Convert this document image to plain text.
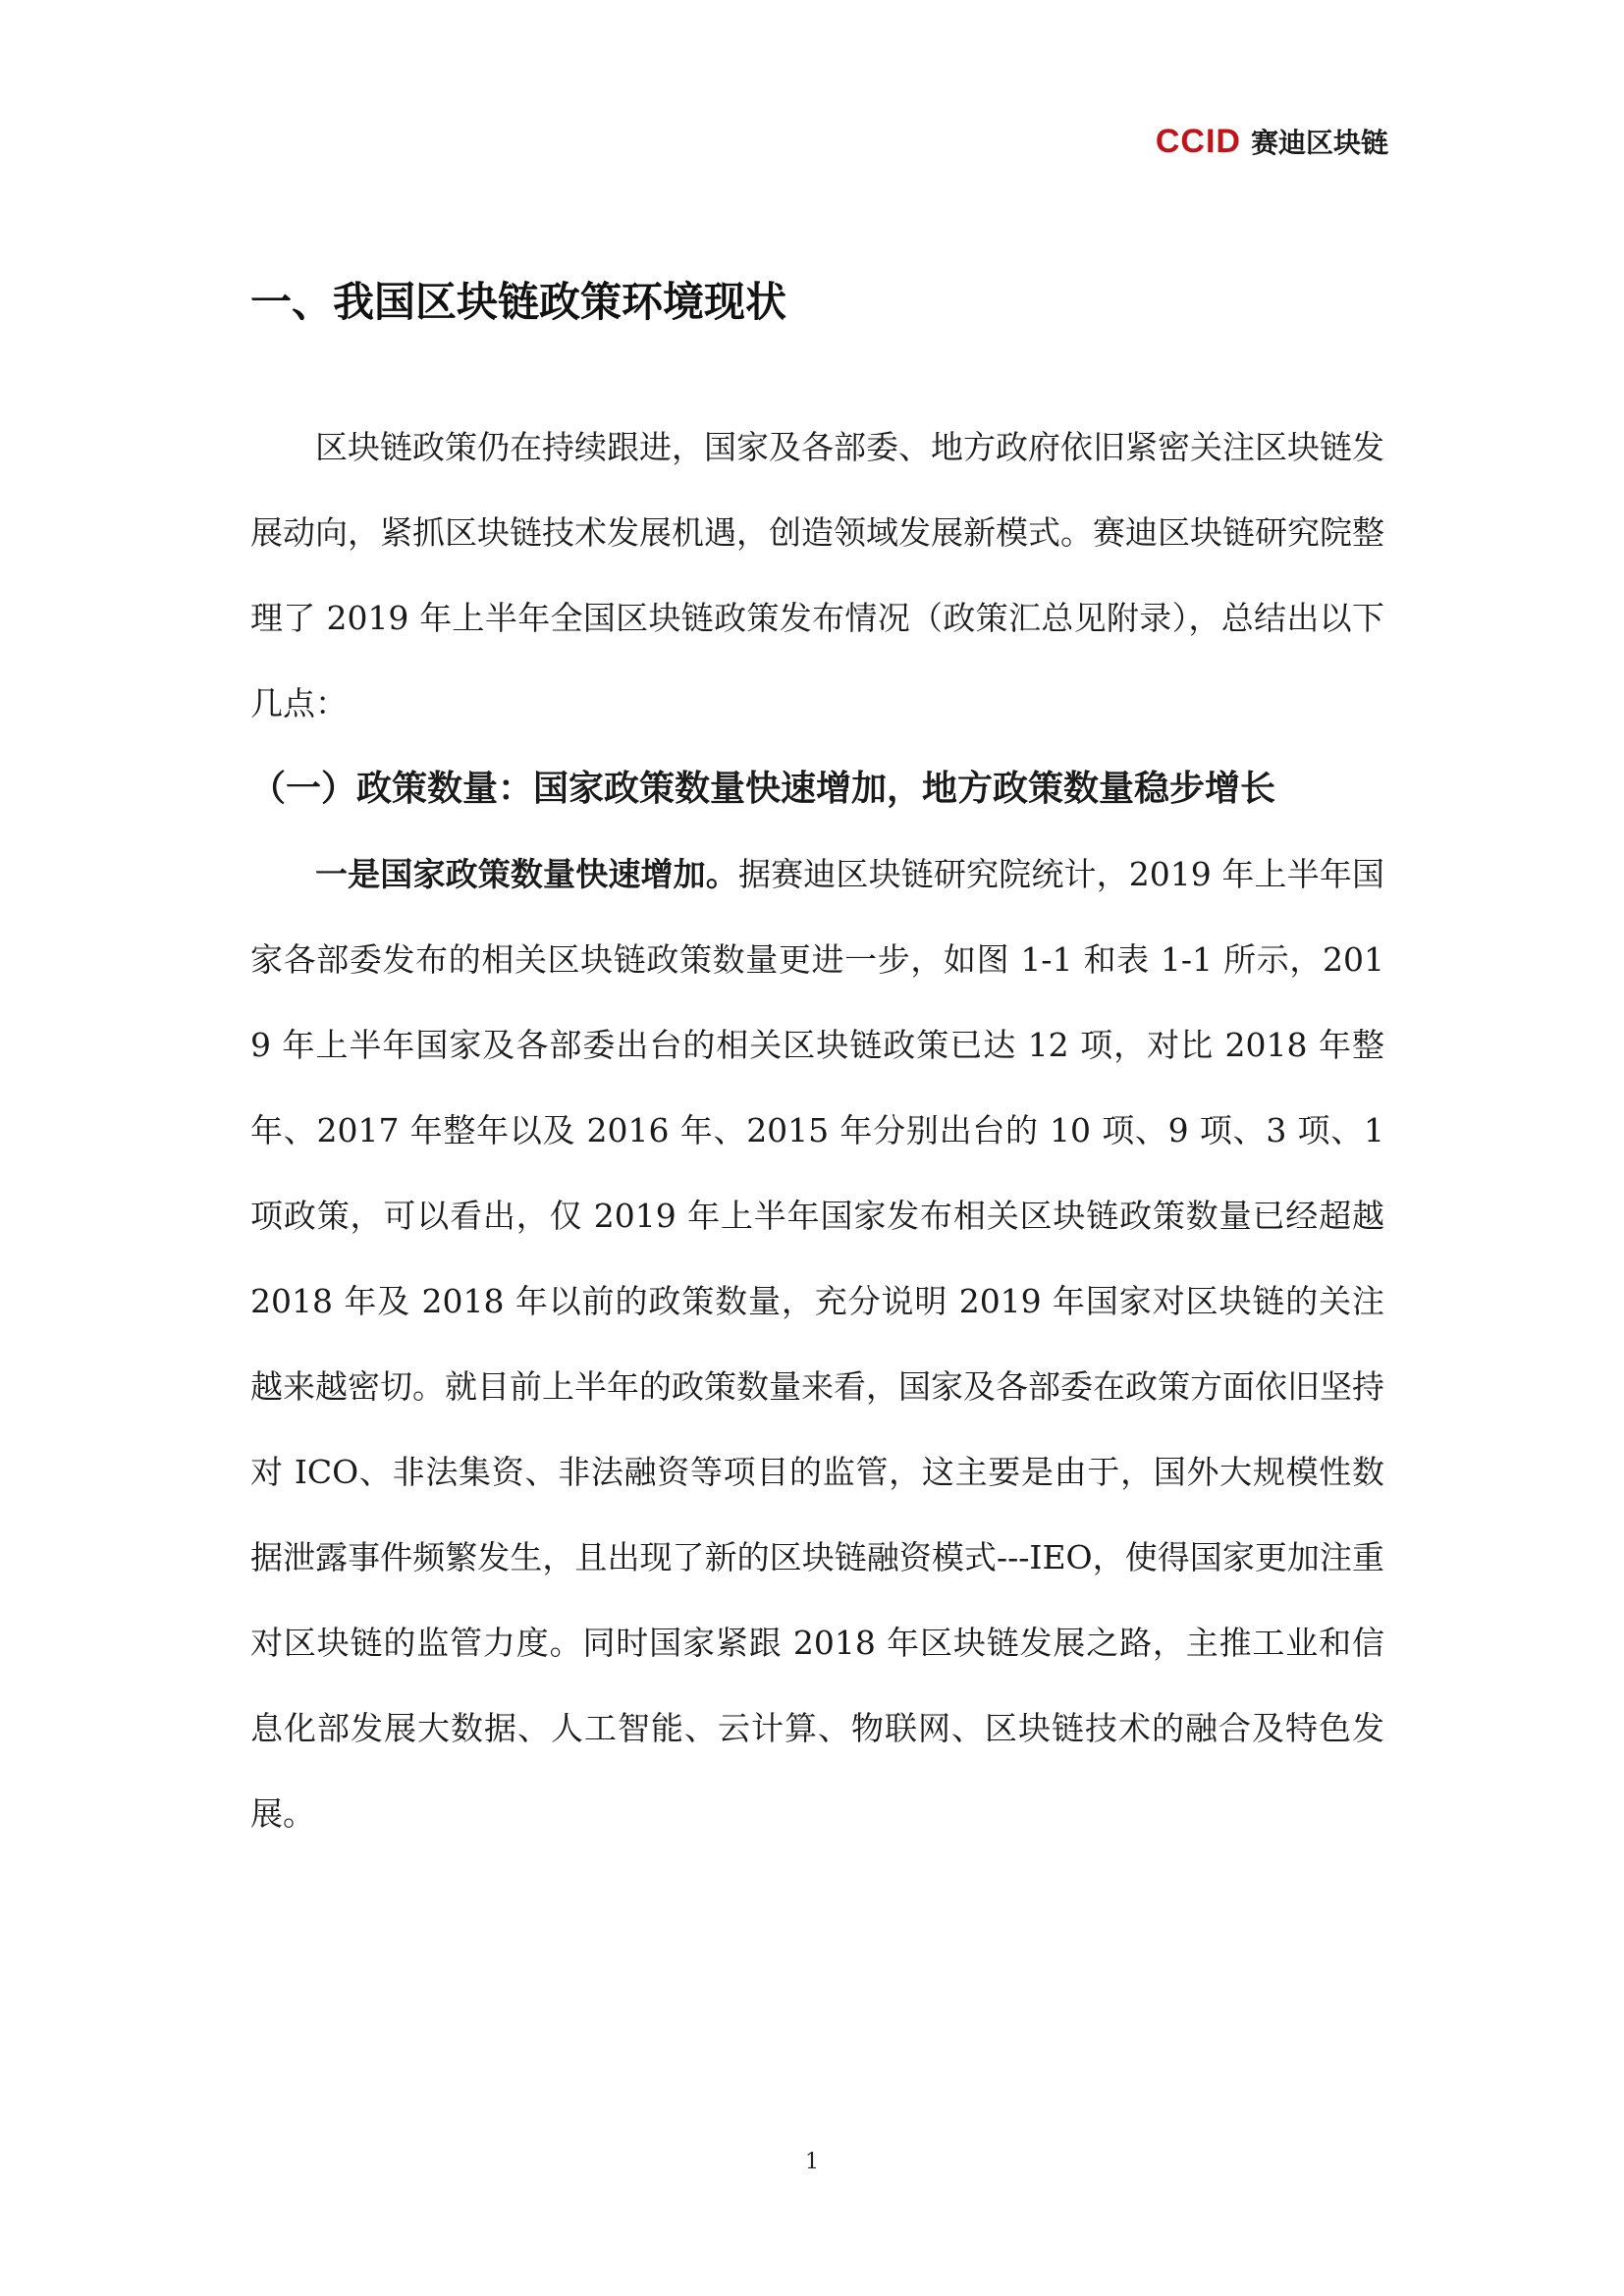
CCID 赛迪区块链
一、我国区块链政策环境现状

区块链政策仍在持续跟进，国家及各部委、地方政府依旧紧密关注区块链发展动向，紧抓区块链技术发展机遇，创造领域发展新模式。赛迪区块链研究院整理了 2019 年上半年全国区块链政策发布情况（政策汇总见附录），总结出以下几点：

（一）政策数量：国家政策数量快速增加，地方政策数量稳步增长

一是国家政策数量快速增加。据赛迪区块链研究院统计，2019 年上半年国家各部委发布的相关区块链政策数量更进一步，如图 1-1 和表 1-1 所示，2019 年上半年国家及各部委出台的相关区块链政策已达 12 项，对比 2018 年整年、2017 年整年以及 2016 年、2015 年分别出台的 10 项、9 项、3 项、1 项政策，可以看出，仅 2019 年上半年国家发布相关区块链政策数量已经超越 2018 年及 2018 年以前的政策数量，充分说明 2019 年国家对区块链的关注越来越密切。就目前上半年的政策数量来看，国家及各部委在政策方面依旧坚持对 ICO、非法集资、非法融资等项目的监管，这主要是由于，国外大规模性数据泄露事件频繁发生，且出现了新的区块链融资模式---IEO，使得国家更加注重对区块链的监管力度。同时国家紧跟 2018 年区块链发展之路，主推工业和信息化部发展大数据、人工智能、云计算、物联网、区块链技术的融合及特色发展。

1
